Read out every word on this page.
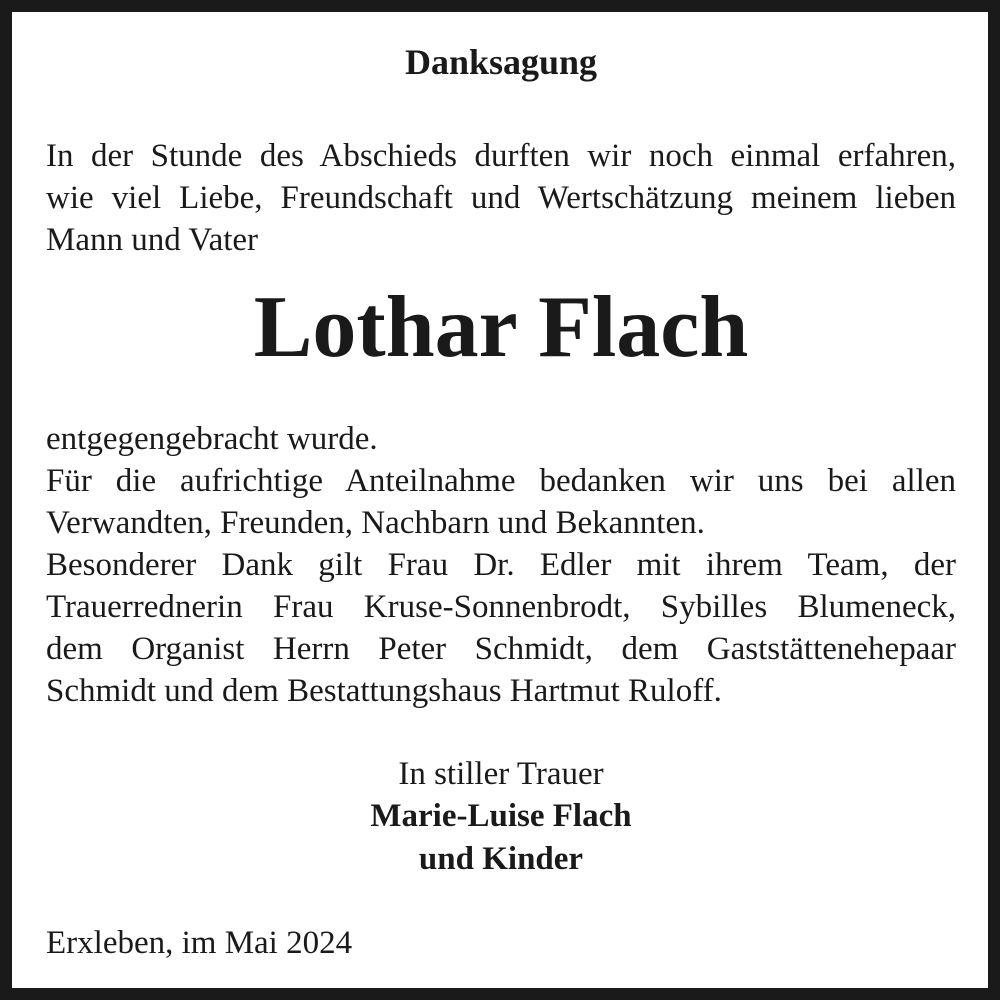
Danksagung
In der Stunde des Abschieds durften wir noch einmal erfahren,
wie viel Liebe, Freundschaft und Wertschätzung meinem lieben
Mann und Vater
Lothar Flach
entgegengebracht wurde.
Für die aufrichtige Anteilnahme bedanken wir uns bei allen
Verwandten, Freunden, Nachbarn und Bekannten.
Besonderer Dank gilt Frau Dr. Edler mit ihrem Team, der
Trauerrednerin Frau Kruse-Sonnenbrodt, Sybilles Blumeneck,
dem Organist Herrn Peter Schmidt, dem Gaststättenehepaar
Schmidt und dem Bestattungshaus Hartmut Ruloff.
In stiller Trauer
Marie-Luise Flach
und Kinder
Erxleben, im Mai 2024
